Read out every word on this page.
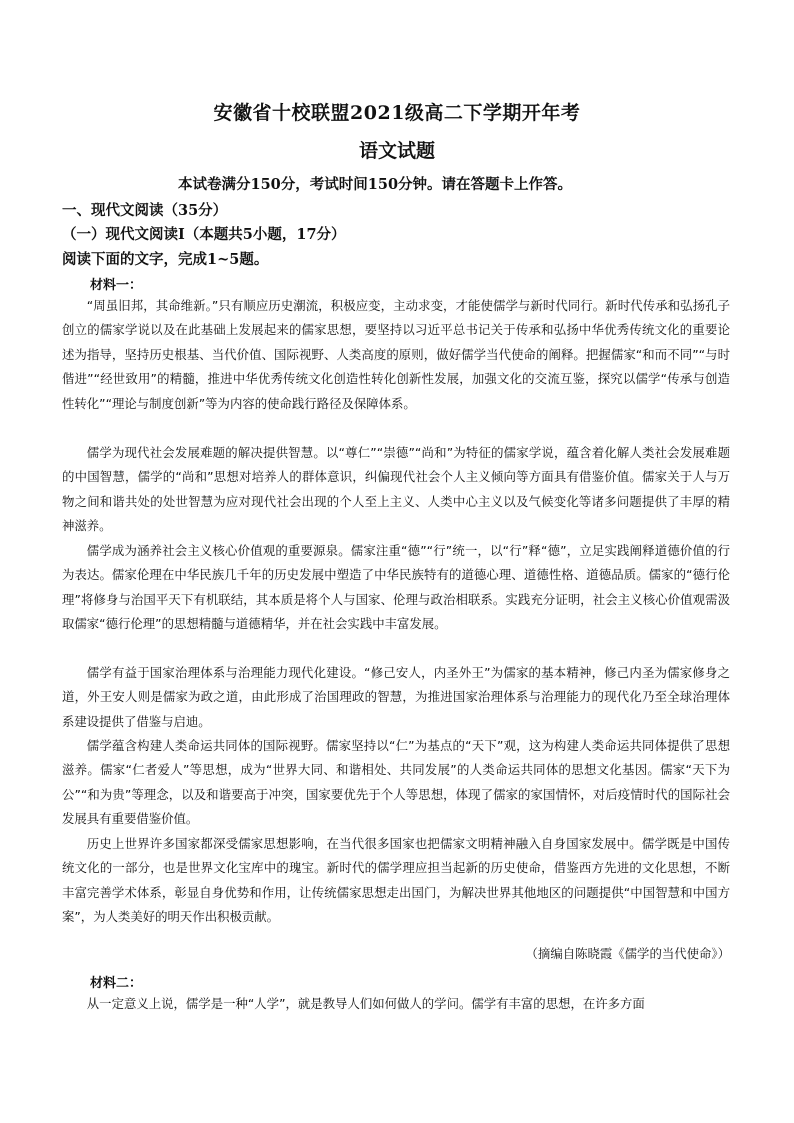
安徽省十校联盟2021级高二下学期开年考
语文试题
本试卷满分150分，考试时间150分钟。请在答题卡上作答。
一、现代文阅读（35分）
（一）现代文阅读Ⅰ（本题共5小题，17分）
阅读下面的文字，完成1~5题。
材料一：

“周虽旧邦，其命维新。”只有顺应历史潮流，积极应变，主动求变，才能使儒学与新时代同行。新时代传承和弘扬孔子创立的儒家学说以及在此基础上发展起来的儒家思想，要坚持以习近平总书记关于传承和弘扬中华优秀传统文化的重要论述为指导，坚持历史根基、当代价值、国际视野、人类高度的原则，做好儒学当代使命的阐释。把握儒家“和而不同”“与时偕进”“经世致用”的精髓，推进中华优秀传统文化创造性转化创新性发展，加强文化的交流互鉴，探究以儒学“传承与创造性转化”“理论与制度创新”等为内容的使命践行路径及保障体系。

儒学为现代社会发展难题的解决提供智慧。以“尊仁”“崇德”“尚和”为特征的儒家学说，蕴含着化解人类社会发展难题的中国智慧，儒学的“尚和”思想对培养人的群体意识，纠偏现代社会个人主义倾向等方面具有借鉴价值。儒家关于人与万物之间和谐共处的处世智慧为应对现代社会出现的个人至上主义、人类中心主义以及气候变化等诸多问题提供了丰厚的精神滋养。

儒学成为涵养社会主义核心价值观的重要源泉。儒家注重“德”“行”统一，以“行”释“德”，立足实践阐释道德价值的行为表达。儒家伦理在中华民族几千年的历史发展中塑造了中华民族特有的道德心理、道德性格、道德品质。儒家的“德行伦理”将修身与治国平天下有机联结，其本质是将个人与国家、伦理与政治相联系。实践充分证明，社会主义核心价值观需汲取儒家“德行伦理”的思想精髓与道德精华，并在社会实践中丰富发展。

儒学有益于国家治理体系与治理能力现代化建设。“修己安人，内圣外王”为儒家的基本精神，修己内圣为儒家修身之道，外王安人则是儒家为政之道，由此形成了治国理政的智慧，为推进国家治理体系与治理能力的现代化乃至全球治理体系建设提供了借鉴与启迪。

儒学蕴含构建人类命运共同体的国际视野。儒家坚持以“仁”为基点的“天下”观，这为构建人类命运共同体提供了思想滋养。儒家“仁者爱人”等思想，成为“世界大同、和谐相处、共同发展”的人类命运共同体的思想文化基因。儒家“天下为公”“和为贵”等理念，以及和谐要高于冲突，国家要优先于个人等思想，体现了儒家的家国情怀，对后疫情时代的国际社会发展具有重要借鉴价值。

历史上世界许多国家都深受儒家思想影响，在当代很多国家也把儒家文明精神融入自身国家发展中。儒学既是中国传统文化的一部分，也是世界文化宝库中的瑰宝。新时代的儒学理应担当起新的历史使命，借鉴西方先进的文化思想，不断丰富完善学术体系，彰显自身优势和作用，让传统儒家思想走出国门，为解决世界其他地区的问题提供“中国智慧和中国方案”，为人类美好的明天作出积极贡献。

（摘编自陈晓霞《儒学的当代使命》）
材料二：

从一定意义上说，儒学是一种“人学”，就是教导人们如何做人的学问。儒学有丰富的思想，在许多方面
